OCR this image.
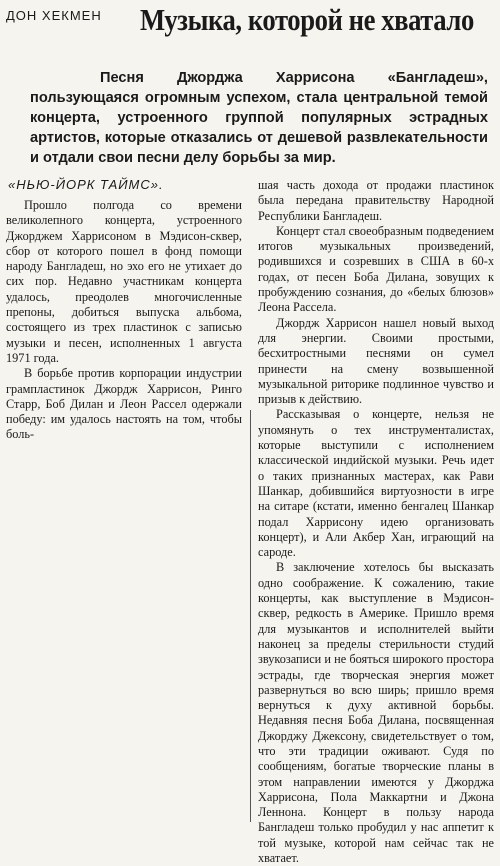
ДОН ХЕКМЕН Музыка, которой не хватало

Песня Джорджа Харрисона «Бангладеш», пользующаяся огромным успехом, стала центральной темой концерта, устроенного группой популярных эстрадных артистов, которые отказались от дешевой развлекательности и отдали свои песни делу борьбы за мир.

«НЬЮ-ЙОРК ТАЙМС».

Прошло полгода со времени великолепного концерта, устроенного Джорджем Харрисоном в Мэдисон-сквер, сбор от которого пошел в фонд помощи народу Бангладеш, но эхо его не утихает до сих пор. Недавно участникам концерта удалось, преодолев многочисленные препоны, добиться выпуска альбома, состоящего из трех пластинок с записью музыки и песен, исполненных 1 августа 1971 года.

В борьбе против корпорации индустрии грампластинок Джордж Харрисон, Ринго Старр, Боб Дилан и Леон Рассел одержали победу: им удалось настоять на том, чтобы боль-

шая часть дохода от продажи пластинок была передана правительству Народной Республики Бангладеш.

Концерт стал своеобразным подведением итогов музыкальных произведений, родившихся и созревших в США в 60-х годах, от песен Боба Дилана, зовущих к пробуждению сознания, до «белых блюзов» Леона Рассела.

Джордж Харрисон нашел новый выход для энергии. Своими простыми, бесхитростными песнями он сумел принести на смену возвышенной музыкальной риторике подлинное чувство и призыв к действию.

Рассказывая о концерте, нельзя не упомянуть о тех инструменталистах, которые выступили с исполнением классической индийской музыки. Речь идет о таких признанных мастерах, как Рави Шанкар, добившийся виртуозности в игре на ситаре (кстати, именно бенгалец Шанкар подал Харрисону идею организовать концерт), и Али Акбер Хан, играющий на сароде.

В заключение хотелось бы высказать одно соображение. К сожалению, такие концерты, как выступление в Мэдисон-сквер, редкость в Америке. Пришло время для музыкантов и исполнителей выйти наконец за пределы стерильности студий звукозаписи и не бояться широкого простора эстрады, где творческая энергия может развернуться во всю ширь; пришло время вернуться к духу активной борьбы. Недавняя песня Боба Дилана, посвященная Джорджу Джексону, свидетельствует о том, что эти традиции оживают. Судя по сообщениям, богатые творческие планы в этом направлении имеются у Джорджа Харрисона, Пола Маккартни и Джона Леннона. Концерт в пользу народа Бангладеш только пробудил у нас аппетит к той музыке, которой нам сейчас так не хватает.
